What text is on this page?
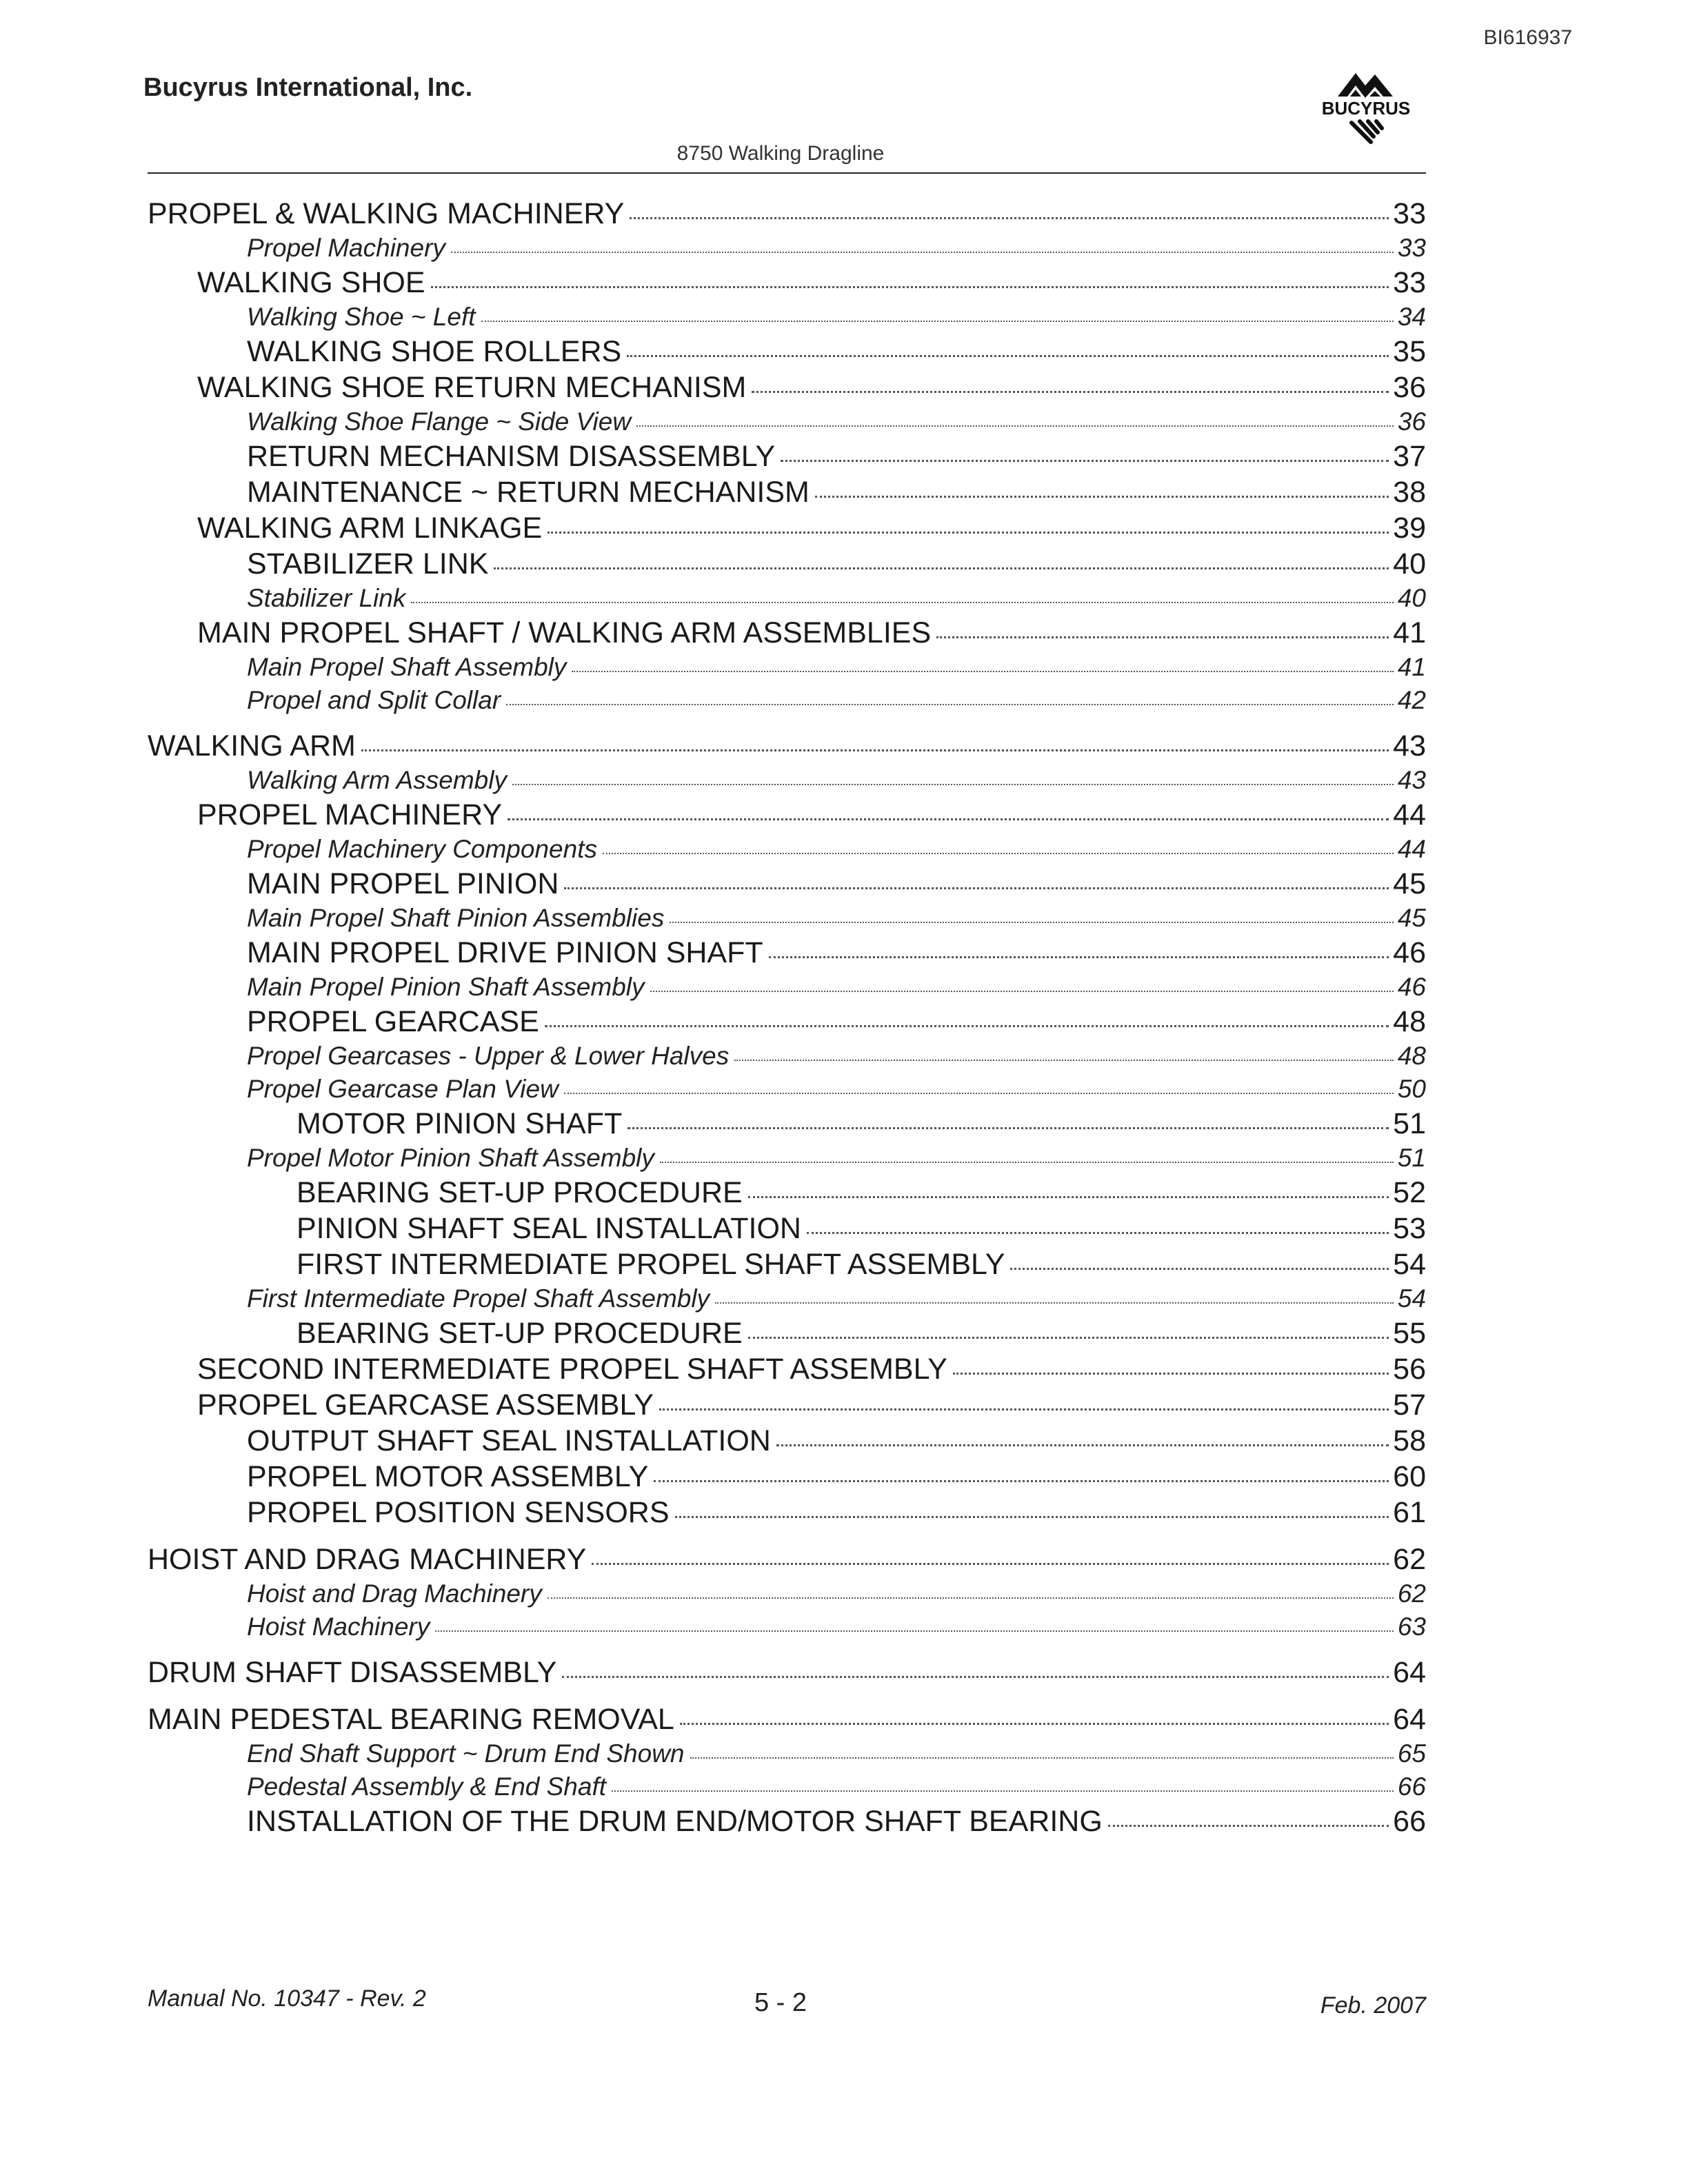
BI616937
Bucyrus International, Inc.
BUCYRUS
8750 Walking Dragline
PROPEL & WALKING MACHINERY	33
Propel Machinery	33
WALKING SHOE	33
Walking Shoe ~ Left	34
WALKING SHOE ROLLERS	35
WALKING SHOE RETURN MECHANISM	36
Walking Shoe Flange ~ Side View	36
RETURN MECHANISM DISASSEMBLY	37
MAINTENANCE ~ RETURN MECHANISM	38
WALKING ARM LINKAGE	39
STABILIZER LINK	40
Stabilizer Link	40
MAIN PROPEL SHAFT / WALKING ARM ASSEMBLIES	41
Main Propel Shaft Assembly	41
Propel and Split Collar	42
WALKING ARM	43
Walking Arm Assembly	43
PROPEL MACHINERY	44
Propel Machinery Components	44
MAIN PROPEL PINION	45
Main Propel Shaft Pinion Assemblies	45
MAIN PROPEL DRIVE PINION SHAFT	46
Main Propel Pinion Shaft Assembly	46
PROPEL GEARCASE	48
Propel Gearcases - Upper & Lower Halves	48
Propel Gearcase Plan View	50
MOTOR PINION SHAFT	51
Propel Motor Pinion Shaft Assembly	51
BEARING SET-UP PROCEDURE	52
PINION SHAFT SEAL INSTALLATION	53
FIRST INTERMEDIATE PROPEL SHAFT ASSEMBLY	54
First Intermediate Propel Shaft Assembly	54
BEARING SET-UP PROCEDURE	55
SECOND INTERMEDIATE PROPEL SHAFT ASSEMBLY	56
PROPEL GEARCASE ASSEMBLY	57
OUTPUT SHAFT SEAL INSTALLATION	58
PROPEL MOTOR ASSEMBLY	60
PROPEL POSITION SENSORS	61
HOIST AND DRAG MACHINERY	62
Hoist and Drag Machinery	62
Hoist Machinery	63
DRUM SHAFT DISASSEMBLY	64
MAIN PEDESTAL BEARING REMOVAL	64
End Shaft Support ~ Drum End Shown	65
Pedestal Assembly & End Shaft	66
INSTALLATION OF THE DRUM END/MOTOR SHAFT BEARING	66
Manual No. 10347 - Rev. 2	5 - 2	Feb. 2007
